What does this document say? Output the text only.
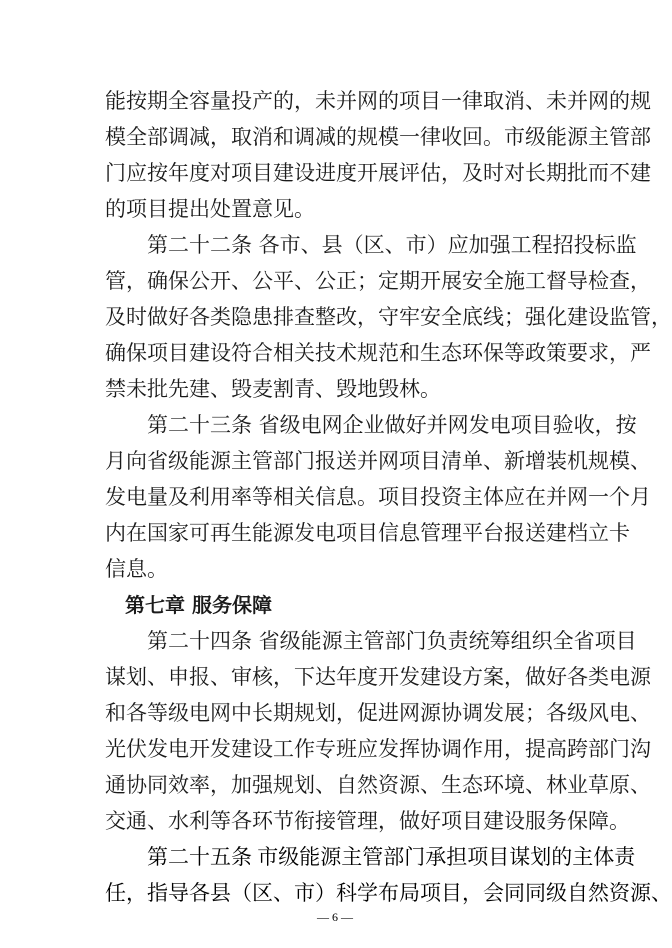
能按期全容量投产的，未并网的项目一律取消、未并网的规
模全部调减，取消和调减的规模一律收回。市级能源主管部
门应按年度对项目建设进度开展评估，及时对长期批而不建
的项目提出处置意见。
第二十二条 各市、县（区、市）应加强工程招投标监
管，确保公开、公平、公正；定期开展安全施工督导检查，
及时做好各类隐患排查整改，守牢安全底线；强化建设监管，
确保项目建设符合相关技术规范和生态环保等政策要求，严
禁未批先建、毁麦割青、毁地毁林。
第二十三条 省级电网企业做好并网发电项目验收，按
月向省级能源主管部门报送并网项目清单、新增装机规模、
发电量及利用率等相关信息。项目投资主体应在并网一个月
内在国家可再生能源发电项目信息管理平台报送建档立卡
信息。
第七章 服务保障
第二十四条 省级能源主管部门负责统筹组织全省项目
谋划、申报、审核，下达年度开发建设方案，做好各类电源
和各等级电网中长期规划，促进网源协调发展；各级风电、
光伏发电开发建设工作专班应发挥协调作用，提高跨部门沟
通协同效率，加强规划、自然资源、生态环境、林业草原、
交通、水利等各环节衔接管理，做好项目建设服务保障。
第二十五条 市级能源主管部门承担项目谋划的主体责
任，指导各县（区、市）科学布局项目，会同同级自然资源、
— 6 —
